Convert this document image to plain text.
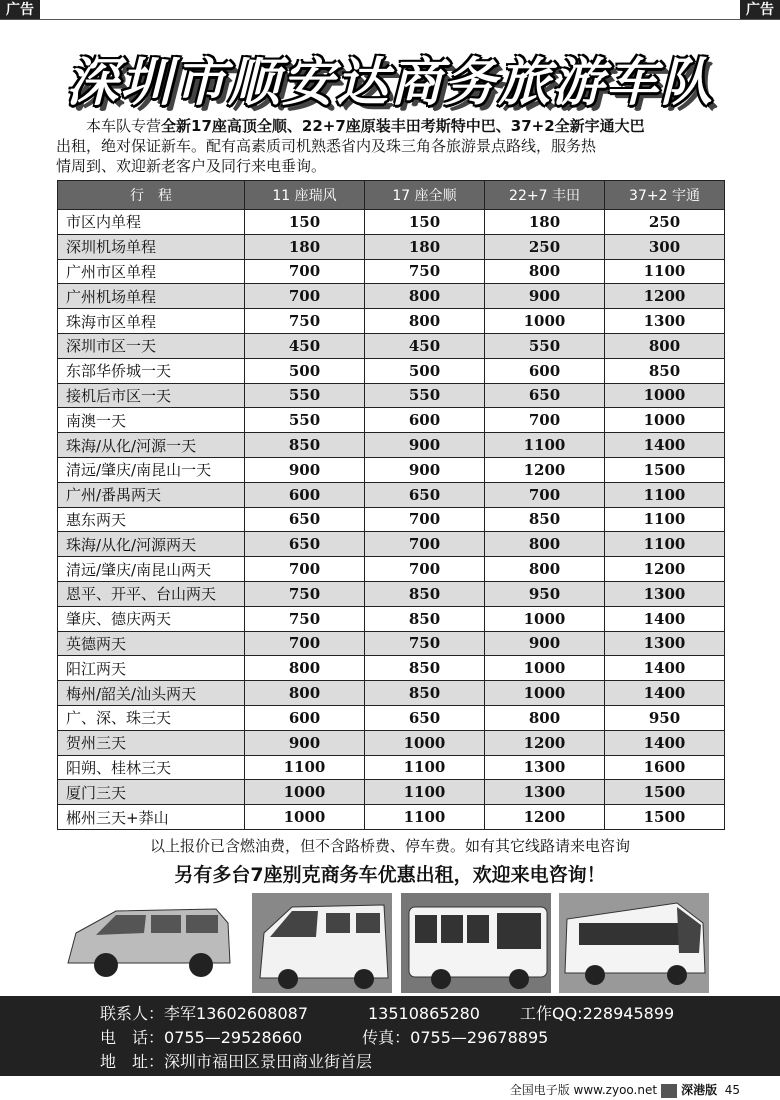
广告	广告
深圳市顺安达商务旅游车队
本车队专营全新17座高顶全顺、22+7座原装丰田考斯特中巴、37+2全新宇通大巴
出租，绝对保证新车。配有高素质司机熟悉省内及珠三角各旅游景点路线，服务热
情周到、欢迎新老客户及同行来电垂询。
行　程	11 座瑞风	17 座全顺	22+7 丰田	37+2 宇通
市区内单程	150	150	180	250
深圳机场单程	180	180	250	300
广州市区单程	700	750	800	1100
广州机场单程	700	800	900	1200
珠海市区单程	750	800	1000	1300
深圳市区一天	450	450	550	800
东部华侨城一天	500	500	600	850
接机后市区一天	550	550	650	1000
南澳一天	550	600	700	1000
珠海/从化/河源一天	850	900	1100	1400
清远/肇庆/南昆山一天	900	900	1200	1500
广州/番禺两天	600	650	700	1100
惠东两天	650	700	850	1100
珠海/从化/河源两天	650	700	800	1100
清远/肇庆/南昆山两天	700	700	800	1200
恩平、开平、台山两天	750	850	950	1300
肇庆、德庆两天	750	850	1000	1400
英德两天	700	750	900	1300
阳江两天	800	850	1000	1400
梅州/韶关/汕头两天	800	850	1000	1400
广、深、珠三天	600	650	800	950
贺州三天	900	1000	1200	1400
阳朔、桂林三天	1100	1100	1300	1600
厦门三天	1000	1100	1300	1500
郴州三天+莽山	1000	1100	1200	1500
以上报价已含燃油费，但不含路桥费、停车费。如有其它线路请来电咨询
另有多台7座别克商务车优惠出租，欢迎来电咨询！
联系人：李军13602608087	13510865280	工作QQ:228945899
电　话：0755—29528660	传真：0755—29678895
地　址：深圳市福田区景田商业街首层
全国电子版 www.zyoo.net 深港版 45
